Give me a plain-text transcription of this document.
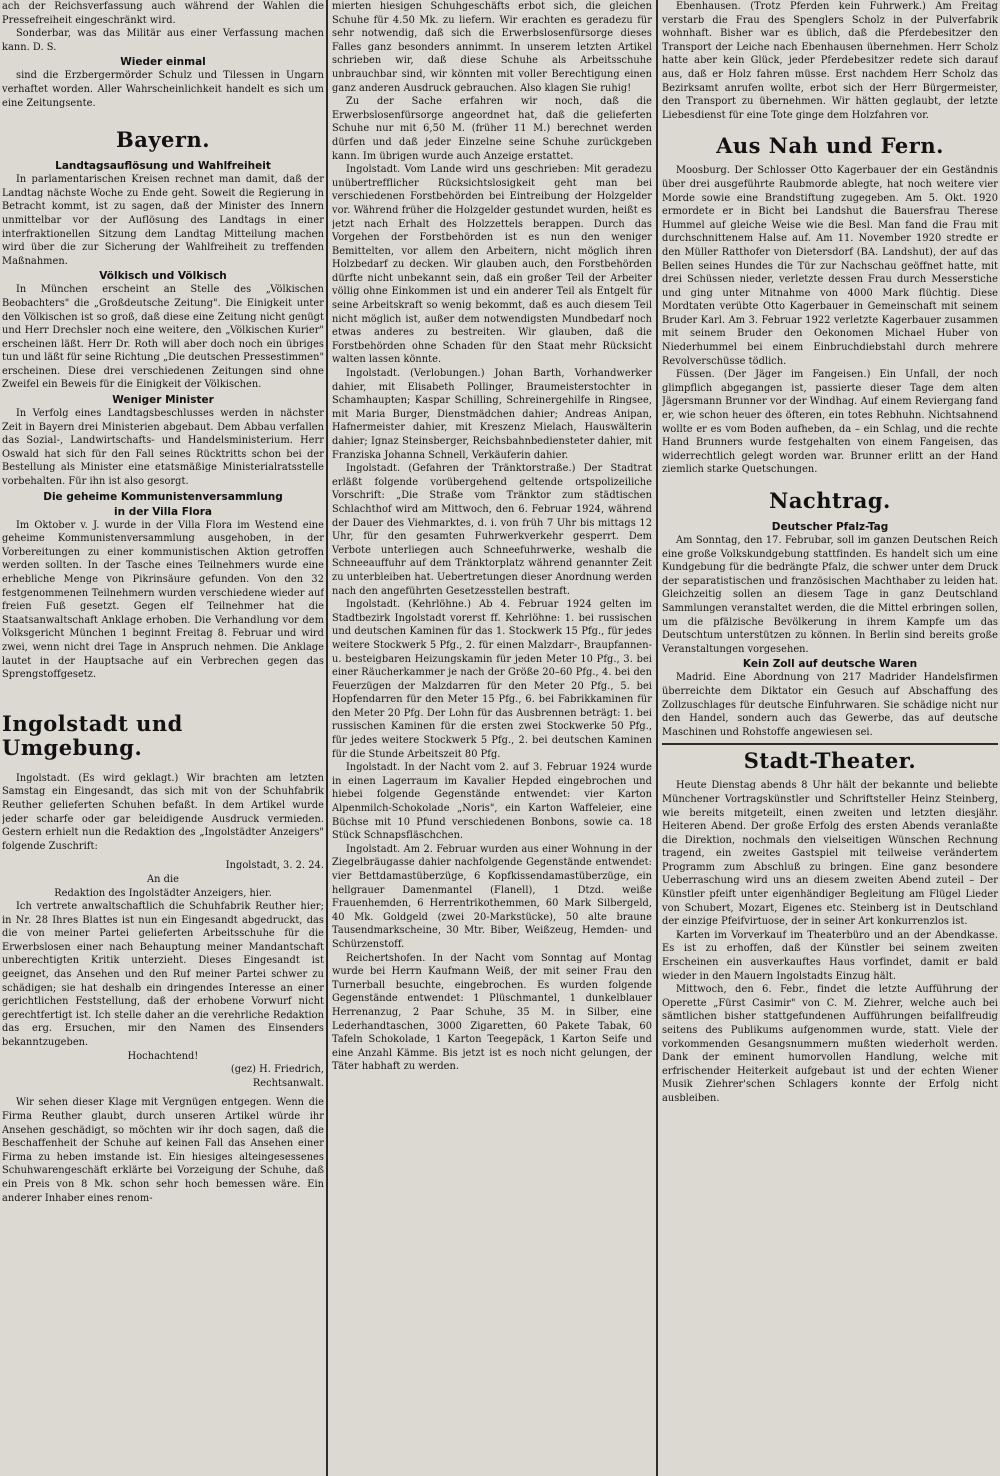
ach der Reichsverfassung auch während der Wahlen die Pressefreiheit eingeschränkt wird.

Sonderbar, was das Militär aus einer Verfassung machen kann. D. S.

Wieder einmal

sind die Erzbergermörder Schulz und Tilessen in Ungarn verhaftet worden. Aller Wahrscheinlichkeit handelt es sich um eine Zeitungsente.

Bayern.
Landtagsauflösung und Wahlfreiheit

In parlamentarischen Kreisen rechnet man damit, daß der Landtag nächste Woche zu Ende geht. Soweit die Regierung in Betracht kommt, ist zu sagen, daß der Minister des Innern unmittelbar vor der Auflösung des Landtags in einer interfraktionellen Sitzung dem Landtag Mitteilung machen wird über die zur Sicherung der Wahlfreiheit zu treffenden Maßnahmen.

Völkisch und Völkisch

In München erscheint an Stelle des „Völkischen Beobachters" die „Großdeutsche Zeitung". Die Einigkeit unter den Völkischen ist so groß, daß diese eine Zeitung nicht genügt und Herr Drechsler noch eine weitere, den „Völkischen Kurier" erscheinen läßt. Herr Dr. Roth will aber doch noch ein übriges tun und läßt für seine Richtung „Die deutschen Pressestimmen" erscheinen. Diese drei verschiedenen Zeitungen sind ohne Zweifel ein Beweis für die Einigkeit der Völkischen.

Weniger Minister

In Verfolg eines Landtagsbeschlusses werden in nächster Zeit in Bayern drei Ministerien abgebaut. Dem Abbau verfallen das Sozial-, Landwirtschafts- und Handelsministerium. Herr Oswald hat sich für den Fall seines Rücktritts schon bei der Bestellung als Minister eine etatsmäßige Ministerialratsstelle vorbehalten. Für ihn ist also gesorgt.

Die geheime Kommunistenversammlung
in der Villa Flora

Im Oktober v. J. wurde in der Villa Flora im Westend eine geheime Kommunistenversammlung ausgehoben, in der Vorbereitungen zu einer kommunistischen Aktion getroffen werden sollten. In der Tasche eines Teilnehmers wurde eine erhebliche Menge von Pikrinsäure gefunden. Von den 32 festgenommenen Teilnehmern wurden verschiedene wieder auf freien Fuß gesetzt. Gegen elf Teilnehmer hat die Staatsanwaltschaft Anklage erhoben. Die Verhandlung vor dem Volksgericht München 1 beginnt Freitag 8. Februar und wird zwei, wenn nicht drei Tage in Anspruch nehmen. Die Anklage lautet in der Hauptsache auf ein Verbrechen gegen das Sprengstoffgesetz.

Ingolstadt und Umgebung.

Ingolstadt. (Es wird geklagt.) Wir brachten am letzten Samstag ein Eingesandt, das sich mit von der Schuhfabrik Reuther gelieferten Schuhen befaßt. In dem Artikel wurde jeder scharfe oder gar beleidigende Ausdruck vermieden. Gestern erhielt nun die Redaktion des „Ingolstädter Anzeigers" folgende Zuschrift:

Ingolstadt, 3. 2. 24.

An die

Redaktion des Ingolstädter Anzeigers, hier.

Ich vertrete anwaltschaftlich die Schuhfabrik Reuther hier; in Nr. 28 Ihres Blattes ist nun ein Eingesandt abgedruckt, das die von meiner Partei gelieferten Arbeitsschuhe für die Erwerbslosen einer nach Behauptung meiner Mandantschaft unberechtigten Kritik unterzieht. Dieses Eingesandt ist geeignet, das Ansehen und den Ruf meiner Partei schwer zu schädigen; sie hat deshalb ein dringendes Interesse an einer gerichtlichen Feststellung, daß der erhobene Vorwurf nicht gerechtfertigt ist. Ich stelle daher an die verehrliche Redaktion das erg. Ersuchen, mir den Namen des Einsenders bekanntzugeben.

Hochachtend!

(gez) H. Friedrich,

Rechtsanwalt.

Wir sehen dieser Klage mit Vergnügen entgegen. Wenn die Firma Reuther glaubt, durch unseren Artikel würde ihr Ansehen geschädigt, so möchten wir ihr doch sagen, daß die Beschaffenheit der Schuhe auf keinen Fall das Ansehen einer Firma zu heben imstande ist. Ein hiesiges alteingesessenes Schuhwarengeschäft erklärte bei Vorzeigung der Schuhe, daß ein Preis von 8 Mk. schon sehr hoch bemessen wäre. Ein anderer Inhaber eines renom-

mierten hiesigen Schuhgeschäfts erbot sich, die gleichen Schuhe für 4.50 Mk. zu liefern. Wir erachten es geradezu für sehr notwendig, daß sich die Erwerbslosenfürsorge dieses Falles ganz besonders annimmt. In unserem letzten Artikel schrieben wir, daß diese Schuhe als Arbeitsschuhe unbrauchbar sind, wir könnten mit voller Berechtigung einen ganz anderen Ausdruck gebrauchen. Also klagen Sie ruhig!

Zu der Sache erfahren wir noch, daß die Erwerbslosenfürsorge angeordnet hat, daß die gelieferten Schuhe nur mit 6,50 M. (früher 11 M.) berechnet werden dürfen und daß jeder Einzelne seine Schuhe zurückgeben kann. Im übrigen wurde auch Anzeige erstattet.

Ingolstadt. Vom Lande wird uns geschrieben: Mit geradezu unübertrefflicher Rücksichtslosigkeit geht man bei verschiedenen Forstbehörden bei Eintreibung der Holzgelder vor. Während früher die Holzgelder gestundet wurden, heißt es jetzt nach Erhalt des Holzzettels berappen. Durch das Vorgehen der Forstbehörden ist es nun den weniger Bemittelten, vor allem den Arbeitern, nicht möglich ihren Holzbedarf zu decken. Wir glauben auch, den Forstbehörden dürfte nicht unbekannt sein, daß ein großer Teil der Arbeiter völlig ohne Einkommen ist und ein anderer Teil als Entgelt für seine Arbeitskraft so wenig bekommt, daß es auch diesem Teil nicht möglich ist, außer dem notwendigsten Mundbedarf noch etwas anderes zu bestreiten. Wir glauben, daß die Forstbehörden ohne Schaden für den Staat mehr Rücksicht walten lassen könnte.

Ingolstadt. (Verlobungen.) Johan Barth, Vorhandwerker dahier, mit Elisabeth Pollinger, Braumeisterstochter in Schamhaupten; Kaspar Schilling, Schreinergehilfe in Ringsee, mit Maria Burger, Dienstmädchen dahier; Andreas Anipan, Hafnermeister dahier, mit Kreszenz Mielach, Hauswälterin dahier; Ignaz Steinsberger, Reichsbahnbediensteter dahier, mit Franziska Johanna Schnell, Verkäuferin dahier.

Ingolstadt. (Gefahren der Tränktorstraße.) Der Stadtrat erläßt folgende vorübergehend geltende ortspolizeiliche Vorschrift: „Die Straße vom Tränktor zum städtischen Schlachthof wird am Mittwoch, den 6. Februar 1924, während der Dauer des Viehmarktes, d. i. von früh 7 Uhr bis mittags 12 Uhr, für den gesamten Fuhrwerkverkehr gesperrt. Dem Verbote unterliegen auch Schneefuhrwerke, weshalb die Schneeauffuhr auf dem Tränktorplatz während genannter Zeit zu unterbleiben hat. Uebertretungen dieser Anordnung werden nach den angeführten Gesetzesstellen bestraft.

Ingolstadt. (Kehrlöhne.) Ab 4. Februar 1924 gelten im Stadtbezirk Ingolstadt vorerst ff. Kehrlöhne: 1. bei russischen und deutschen Kaminen für das 1. Stockwerk 15 Pfg., für jedes weitere Stockwerk 5 Pfg., 2. für einen Malzdarr-, Braupfannen- u. besteigbaren Heizungskamin für jeden Meter 10 Pfg., 3. bei einer Räucherkammer je nach der Größe 20–60 Pfg., 4. bei den Feuerzügen der Malzdarren für den Meter 20 Pfg., 5. bei Hopfendarren für den Meter 15 Pfg., 6. bei Fabrikkaminen für den Meter 20 Pfg. Der Lohn für das Ausbrennen beträgt: 1. bei russischen Kaminen für die ersten zwei Stockwerke 50 Pfg., für jedes weitere Stockwerk 5 Pfg., 2. bei deutschen Kaminen für die Stunde Arbeitszeit 80 Pfg.

Ingolstadt. In der Nacht vom 2. auf 3. Februar 1924 wurde in einen Lagerraum im Kavalier Hepded eingebrochen und hiebei folgende Gegenstände entwendet: vier Karton Alpenmilch-Schokolade „Noris", ein Karton Waffeleier, eine Büchse mit 10 Pfund verschiedenen Bonbons, sowie ca. 18 Stück Schnapsfläschchen.

Ingolstadt. Am 2. Februar wurden aus einer Wohnung in der Ziegelbräugasse dahier nachfolgende Gegenstände entwendet: vier Bettdamastüberzüge, 6 Kopfkissendamastüberzüge, ein hellgrauer Damenmantel (Flanell), 1 Dtzd. weiße Frauenhemden, 6 Herrentrikothemmen, 60 Mark Silbergeld, 40 Mk. Goldgeld (zwei 20-Markstücke), 50 alte braune Tausendmarkscheine, 30 Mtr. Biber, Weißzeug, Hemden- und Schürzenstoff.

Reichertshofen. In der Nacht vom Sonntag auf Montag wurde bei Herrn Kaufmann Weiß, der mit seiner Frau den Turnerball besuchte, eingebrochen. Es wurden folgende Gegenstände entwendet: 1 Plüschmantel, 1 dunkelblauer Herrenanzug, 2 Paar Schuhe, 35 M. in Silber, eine Lederhandtaschen, 3000 Zigaretten, 60 Pakete Tabak, 60 Tafeln Schokolade, 1 Karton Teegepäck, 1 Karton Seife und eine Anzahl Kämme. Bis jetzt ist es noch nicht gelungen, der Täter habhaft zu werden.

Ebenhausen. (Trotz Pferden kein Fuhrwerk.) Am Freitag verstarb die Frau des Spenglers Scholz in der Pulverfabrik wohnhaft. Bisher war es üblich, daß die Pferdebesitzer den Transport der Leiche nach Ebenhausen übernehmen. Herr Scholz hatte aber kein Glück, jeder Pferdebesitzer redete sich darauf aus, daß er Holz fahren müsse. Erst nachdem Herr Scholz das Bezirksamt anrufen wollte, erbot sich der Herr Bürgermeister, den Transport zu übernehmen. Wir hätten geglaubt, der letzte Liebesdienst für eine Tote ginge dem Holzfahren vor.

Aus Nah und Fern.

Moosburg. Der Schlosser Otto Kagerbauer der ein Geständnis über drei ausgeführte Raubmorde ablegte, hat noch weitere vier Morde sowie eine Brandstiftung zugegeben. Am 5. Okt. 1920 ermordete er in Bicht bei Landshut die Bauersfrau Therese Hummel auf gleiche Weise wie die Besl. Man fand die Frau mit durchschnittenem Halse auf. Am 11. November 1920 stredte er den Müller Ratthofer von Dietersdorf (BA. Landshut), der auf das Bellen seines Hundes die Tür zur Nachschau geöffnet hatte, mit drei Schüssen nieder, verletzte dessen Frau durch Messerstiche und ging unter Mitnahme von 4000 Mark flüchtig. Diese Mordtaten verübte Otto Kagerbauer in Gemeinschaft mit seinem Bruder Karl. Am 3. Februar 1922 verletzte Kagerbauer zusammen mit seinem Bruder den Oekonomen Michael Huber von Niederhummel bei einem Einbruchdiebstahl durch mehrere Revolverschüsse tödlich.

Füssen. (Der Jäger im Fangeisen.) Ein Unfall, der noch glimpflich abgegangen ist, passierte dieser Tage dem alten Jägersmann Brunner vor der Windhag. Auf einem Reviergang fand er, wie schon heuer des öfteren, ein totes Rebhuhn. Nichtsahnend wollte er es vom Boden aufheben, da – ein Schlag, und die rechte Hand Brunners wurde festgehalten von einem Fangeisen, das widerrechtlich gelegt worden war. Brunner erlitt an der Hand ziemlich starke Quetschungen.

Nachtrag.
Deutscher Pfalz-Tag

Am Sonntag, den 17. Februbar, soll im ganzen Deutschen Reich eine große Volkskundgebung stattfinden. Es handelt sich um eine Kundgebung für die bedrängte Pfalz, die schwer unter dem Druck der separatistischen und französischen Machthaber zu leiden hat. Gleichzeitig sollen an diesem Tage in ganz Deutschland Sammlungen veranstaltet werden, die die Mittel erbringen sollen, um die pfälzische Bevölkerung in ihrem Kampfe um das Deutschtum unterstützen zu können. In Berlin sind bereits große Veranstaltungen vorgesehen.

Kein Zoll auf deutsche Waren

Madrid. Eine Abordnung von 217 Madrider Handelsfirmen überreichte dem Diktator ein Gesuch auf Abschaffung des Zollzuschlages für deutsche Einfuhrwaren. Sie schädige nicht nur den Handel, sondern auch das Gewerbe, das auf deutsche Maschinen und Rohstoffe angewiesen sei.

Stadt-Theater.

Heute Dienstag abends 8 Uhr hält der bekannte und beliebte Münchener Vortragskünstler und Schriftsteller Heinz Steinberg, wie bereits mitgeteilt, einen zweiten und letzten diesjähr. Heiteren Abend. Der große Erfolg des ersten Abends veranlaßte die Direktion, nochmals den vielseitigen Wünschen Rechnung tragend, ein zweites Gastspiel mit teilweise verändertem Programm zum Abschluß zu bringen. Eine ganz besondere Ueberraschung wird uns an diesem zweiten Abend zuteil – Der Künstler pfeift unter eigenhändiger Begleitung am Flügel Lieder von Schubert, Mozart, Eigenes etc. Steinberg ist in Deutschland der einzige Pfeifvirtuose, der in seiner Art konkurrenzlos ist.

Karten im Vorverkauf im Theaterbüro und an der Abendkasse. Es ist zu erhoffen, daß der Künstler bei seinem zweiten Erscheinen ein ausverkauftes Haus vorfindet, damit er bald wieder in den Mauern Ingolstadts Einzug hält.

Mittwoch, den 6. Febr., findet die letzte Aufführung der Operette „Fürst Casimir" von C. M. Ziehrer, welche auch bei sämtlichen bisher stattgefundenen Aufführungen beifallfreudig seitens des Publikums aufgenommen wurde, statt. Viele der vorkommenden Gesangsnummern mußten wiederholt werden. Dank der eminent humorvollen Handlung, welche mit erfrischender Heiterkeit aufgebaut ist und der echten Wiener Musik Ziehrer'schen Schlagers konnte der Erfolg nicht ausbleiben.
